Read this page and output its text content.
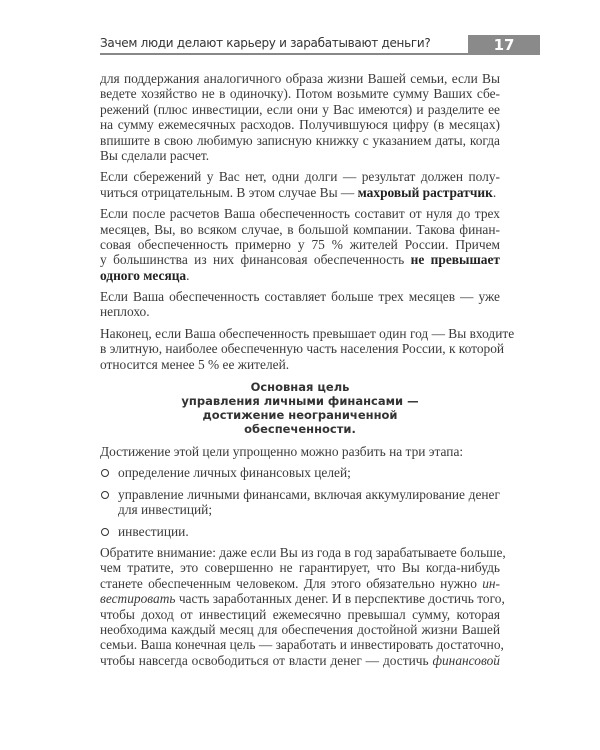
Зачем люди делают карьеру и зарабатывают деньги?	17
для поддержания аналогичного образа жизни Вашей семьи, если Вы
ведете хозяйство не в одиночку). Потом возьмите сумму Ваших сбе-
режений (плюс инвестиции, если они у Вас имеются) и разделите ее
на сумму ежемесячных расходов. Получившуюся цифру (в месяцах)
впишите в свою любимую записную книжку с указанием даты, когда
Вы сделали расчет.
Если сбережений у Вас нет, одни долги — результат должен полу-
читься отрицательным. В этом случае Вы — махровый растратчик.
Если после расчетов Ваша обеспеченность составит от нуля до трех
месяцев, Вы, во всяком случае, в большой компании. Такова финан-
совая обеспеченность примерно у 75 % жителей России. Причем
у большинства из них финансовая обеспеченность не превышает
одного месяца.
Если Ваша обеспеченность составляет больше трех месяцев — уже
неплохо.
Наконец, если Ваша обеспеченность превышает один год — Вы входите
в элитную, наиболее обеспеченную часть населения России, к которой
относится менее 5 % ее жителей.
Основная цель
управления личными финансами —
достижение неограниченной
обеспеченности.
Достижение этой цели упрощенно можно разбить на три этапа:
определение личных финансовых целей;
управление личными финансами, включая аккумулирование денег
для инвестиций;
инвестиции.
Обратите внимание: даже если Вы из года в год зарабатываете больше,
чем тратите, это совершенно не гарантирует, что Вы когда-нибудь
станете обеспеченным человеком. Для этого обязательно нужно ин-
вестировать часть заработанных денег. И в перспективе достичь того,
чтобы доход от инвестиций ежемесячно превышал сумму, которая
необходима каждый месяц для обеспечения достойной жизни Вашей
семьи. Ваша конечная цель — заработать и инвестировать достаточно,
чтобы навсегда освободиться от власти денег — достичь финансовой
